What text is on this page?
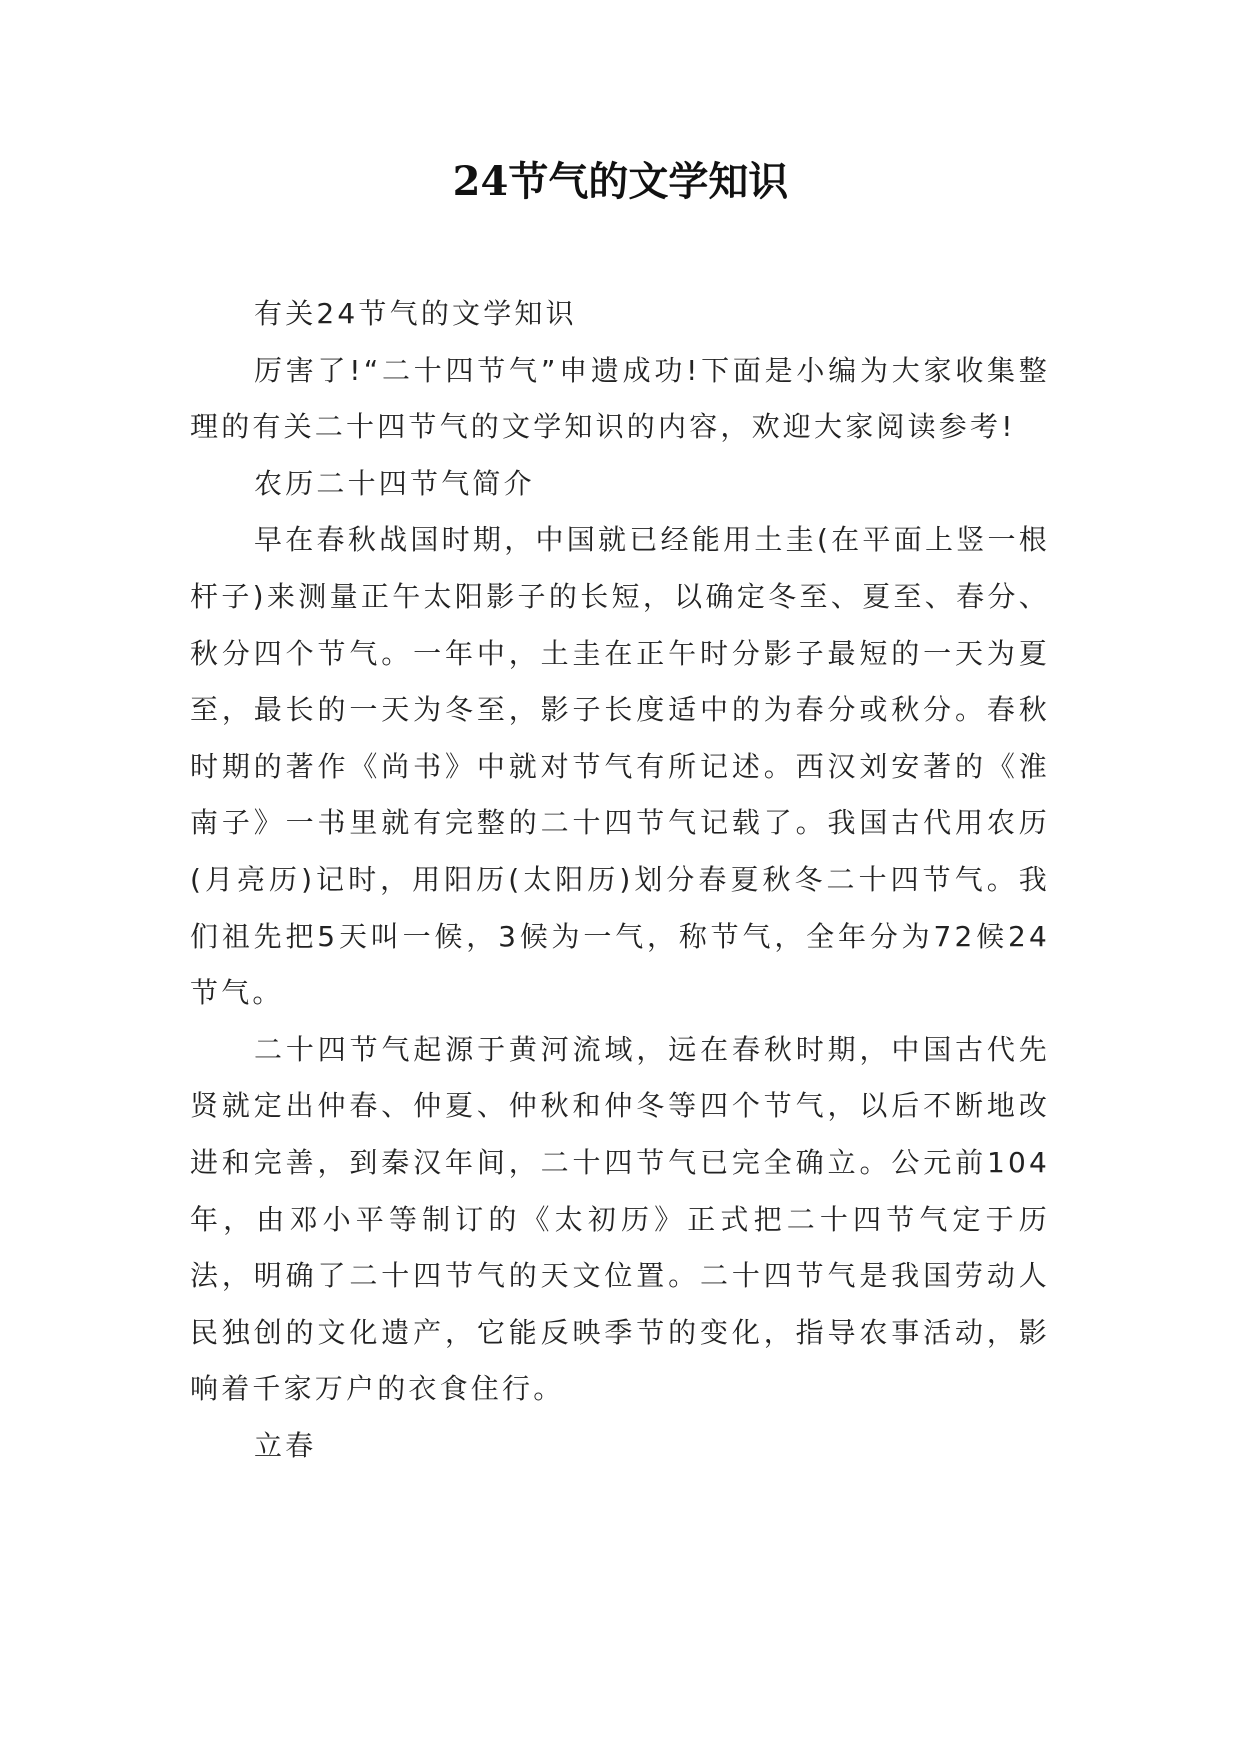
24节气的文学知识

有关24节气的文学知识

厉害了!“二十四节气”申遗成功!下面是小编为大家收集整理的有关二十四节气的文学知识的内容，欢迎大家阅读参考!

农历二十四节气简介

早在春秋战国时期，中国就已经能用土圭(在平面上竖一根杆子)来测量正午太阳影子的长短，以确定冬至、夏至、春分、秋分四个节气。一年中，土圭在正午时分影子最短的一天为夏至，最长的一天为冬至，影子长度适中的为春分或秋分。春秋时期的著作《尚书》中就对节气有所记述。西汉刘安著的《淮南子》一书里就有完整的二十四节气记载了。我国古代用农历(月亮历)记时，用阳历(太阳历)划分春夏秋冬二十四节气。我们祖先把5天叫一候，3候为一气，称节气，全年分为72候24节气。

二十四节气起源于黄河流域，远在春秋时期，中国古代先贤就定出仲春、仲夏、仲秋和仲冬等四个节气，以后不断地改进和完善，到秦汉年间，二十四节气已完全确立。公元前104年，由邓小平等制订的《太初历》正式把二十四节气定于历法，明确了二十四节气的天文位置。二十四节气是我国劳动人民独创的文化遗产，它能反映季节的变化，指导农事活动，影响着千家万户的衣食住行。

立春
